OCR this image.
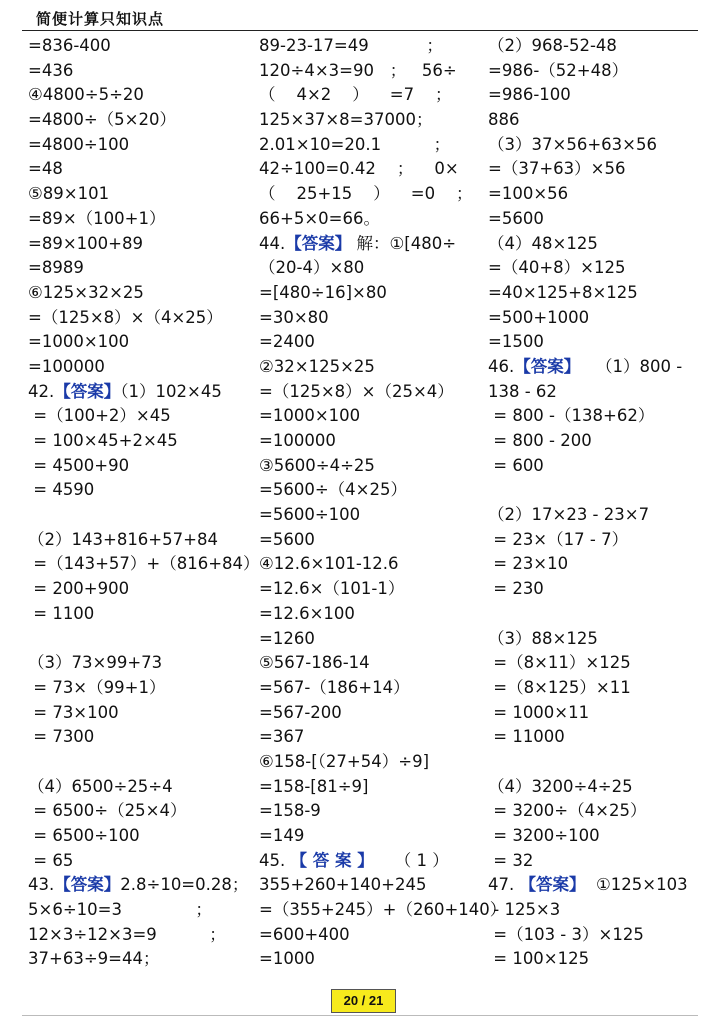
简便计算只知识点
=836-400
=436
④4800÷5÷20
=4800÷（5×20）
=4800÷100
=48
⑤89×101
=89×（100+1）
=89×100+89
=8989
⑥125×32×25
=（125×8）×（4×25）
=1000×100
=100000
42.【答案】（1）102×45
=（100+2）×45
= 100×45+2×45
= 4500+90
= 4590
（2）143+816+57+84
=（143+57）+（816+84）
= 200+900
= 1100
（3）73×99+73
= 73×（99+1）
= 73×100
= 7300
（4）6500÷25÷4
= 6500÷（25×4）
= 6500÷100
= 65
43.【答案】2.8÷10=0.28；
5×6÷10=3              ；
12×3÷12×3=9          ；
37+63÷9=44；
89-23-17=49           ；
120÷4×3=90   ；   56÷
（    4×2    ）    =7    ；
125×37×8=37000；
2.01×10=20.1          ；
42÷100=0.42    ；    0×
（    25+15    ）    =0    ；
66+5×0=66。
44.【答案】 解：①[480÷
（20-4）×80
=[480÷16]×80
=30×80
=2400
②32×125×25
=（125×8）×（25×4）
=1000×100
=100000
③5600÷4÷25
=5600÷（4×25）
=5600÷100
=5600
④12.6×101-12.6
=12.6×（101-1）
=12.6×100
=1260
⑤567-186-14
=567-（186+14）
=567-200
=367
⑥158-[（27+54）÷9]
=158-[81÷9]
=158-9
=149
45. 【 答 案 】    （ 1 ）
355+260+140+245
=（355+245）+（260+140）
=600+400
=1000
（2）968-52-48
=986-（52+48）
=986-100
886
（3）37×56+63×56
=（37+63）×56
=100×56
=5600
（4）48×125
=（40+8）×125
=40×125+8×125
=500+1000
=1500
46.【答案】   （1）800 -
138 - 62
= 800 -（138+62）
= 800 - 200
= 600
（2）17×23 - 23×7
= 23×（17 - 7）
= 23×10
= 230
（3）88×125
=（8×11）×125
=（8×125）×11
= 1000×11
= 11000
（4）3200÷4÷25
= 3200÷（4×25）
= 3200÷100
= 32
47. 【答案】  ①125×103
- 125×3
=（103 - 3）×125
= 100×125
20 / 21
